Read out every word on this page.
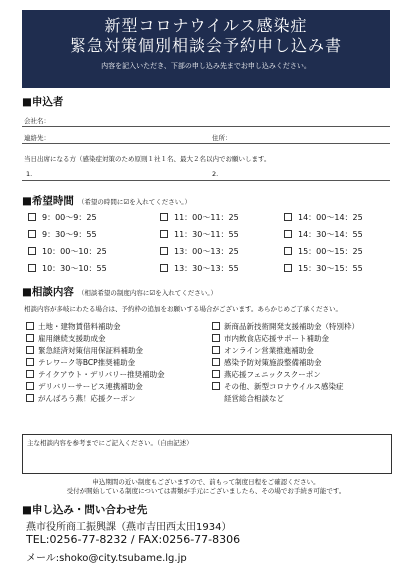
新型コロナウイルス感染症
緊急対策個別相談会予約申し込み書
内容を記入いただき、下部の申し込み先までお申し込みください。
■申込者
会社名：
連絡先：	住所：
当日出席になる方（感染症対策のため原則１社１名、最大２名以内でお願いします。
1.	2.
■希望時間 （希望の時間に☑を入れてください。）
9：00～9：25	11：00～11：25	14：00～14：25
9：30～9：55	11：30～11：55	14：30～14：55
10：00～10：25	13：00～13：25	15：00～15：25
10：30～10：55	13：30～13：55	15：30～15：55
■相談内容 （相談希望の制度内容に☑を入れてください。）
相談内容が多岐にわたる場合は、予約枠の追加をお願いする場合がございます。あらかじめご了承ください。
土地・建物賃借料補助金
雇用継続支援助成金
緊急経済対策信用保証料補助金
テレワーク等BCP推奨補助金
テイクアウト・デリバリー推奨補助金
デリバリーサービス連携補助金
がんばろう燕！応援クーポン
新商品新技術開発支援補助金（特別枠）
市内飲食店応援サポート補助金
オンライン営業推進補助金
感染予防対策施設整備補助金
燕応援フェニックスクーポン
その他、新型コロナウイルス感染症
経営総合相談など
主な相談内容を参考までにご記入ください。（自由記述）
申込期間の近い制度もございますので、前もって制度日程をご確認ください。
受付が開始している制度については書類が手元にございましたら、その場でお手続き可能です。
■申し込み・問い合わせ先
燕市役所商工振興課（燕市吉田西太田1934）
TEL:0256-77-8232 / FAX:0256-77-8306
メール:shoko@city.tsubame.lg.jp
